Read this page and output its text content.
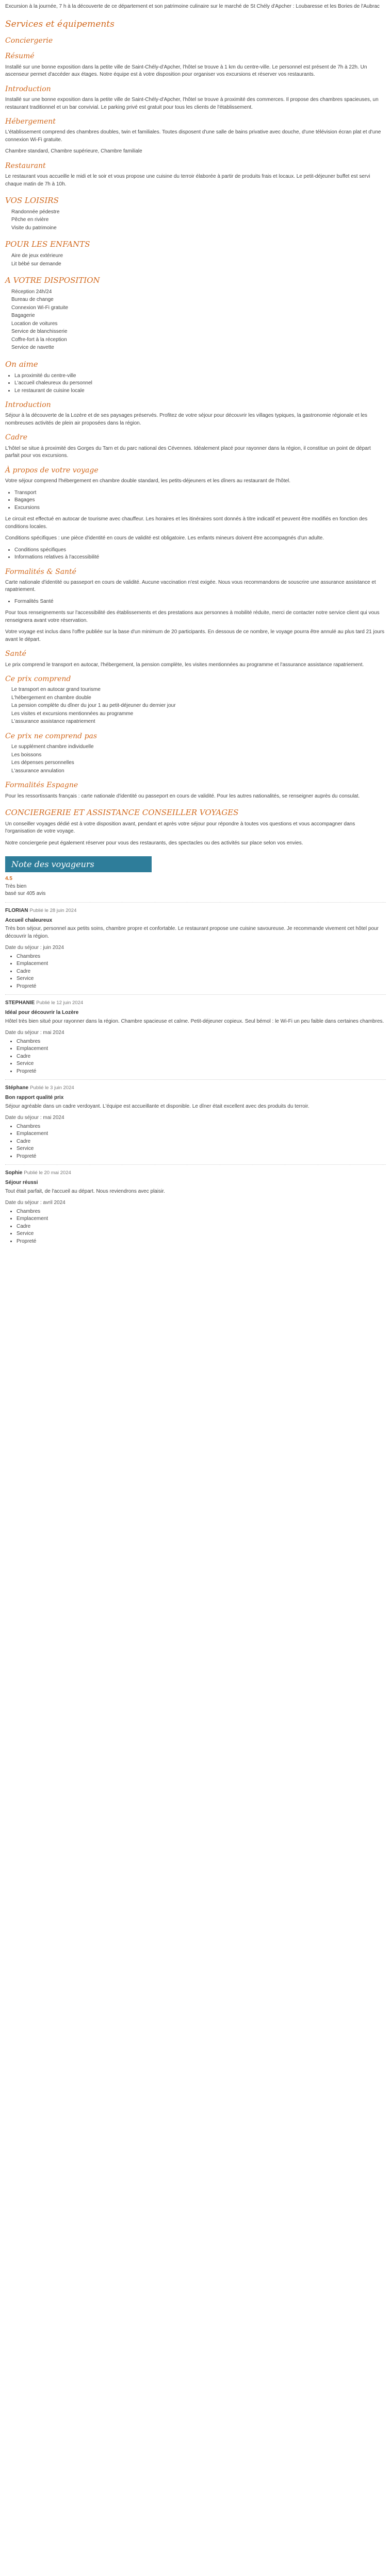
Excursion à la journée, 7 h à la découverte de ce département et son patrimoine culinaire sur le marché de St Chély d'Apcher : Loubaresse et les Bories de l'Aubrac

Services et équipements
Conciergerie
Résumé

Installé sur une bonne exposition dans la petite ville de Saint-Chély-d'Apcher, l'hôtel se trouve à 1 km du centre-ville. Le personnel est présent de 7h à 22h. Un ascenseur permet d'accéder aux étages. Notre équipe est à votre disposition pour organiser vos excursions et réserver vos restaurants.

Introduction

Installé sur une bonne exposition dans la petite ville de Saint-Chély-d'Apcher, l'hôtel se trouve à proximité des commerces. Il propose des chambres spacieuses, un restaurant traditionnel et un bar convivial. Le parking privé est gratuit pour tous les clients de l'établissement.

Hébergement

L'établissement comprend des chambres doubles, twin et familiales. Toutes disposent d'une salle de bains privative avec douche, d'une télévision écran plat et d'une connexion Wi-Fi gratuite.

Chambre standard, Chambre supérieure, Chambre familiale

Restaurant

Le restaurant vous accueille le midi et le soir et vous propose une cuisine du terroir élaborée à partir de produits frais et locaux. Le petit-déjeuner buffet est servi chaque matin de 7h à 10h.

VOS LOISIRS
Randonnée pédestre
Pêche en rivière
Visite du patrimoine
POUR LES ENFANTS
Aire de jeux extérieure
Lit bébé sur demande
A VOTRE DISPOSITION
Réception 24h/24
Bureau de change
Connexion Wi-Fi gratuite
Bagagerie
Location de voitures
Service de blanchisserie
Coffre-fort à la réception
Service de navette
On aime
• La proximité du centre-ville
• L'accueil chaleureux du personnel
• Le restaurant de cuisine locale
Introduction

Séjour à la découverte de la Lozère et de ses paysages préservés. Profitez de votre séjour pour découvrir les villages typiques, la gastronomie régionale et les nombreuses activités de plein air proposées dans la région.

Cadre

L'hôtel se situe à proximité des Gorges du Tarn et du parc national des Cévennes. Idéalement placé pour rayonner dans la région, il constitue un point de départ parfait pour vos excursions.

À propos de votre voyage

Votre séjour comprend l'hébergement en chambre double standard, les petits-déjeuners et les dîners au restaurant de l'hôtel.

• Transport
• Bagages
• Excursions

Le circuit est effectué en autocar de tourisme avec chauffeur. Les horaires et les itinéraires sont donnés à titre indicatif et peuvent être modifiés en fonction des conditions locales.

Conditions spécifiques : une pièce d'identité en cours de validité est obligatoire. Les enfants mineurs doivent être accompagnés d'un adulte.

• Conditions spécifiques
• Informations relatives à l'accessibilité
Formalités & Santé

Carte nationale d'identité ou passeport en cours de validité. Aucune vaccination n'est exigée. Nous vous recommandons de souscrire une assurance assistance et rapatriement.

• Formalités Santé

Pour tous renseignements sur l'accessibilité des établissements et des prestations aux personnes à mobilité réduite, merci de contacter notre service client qui vous renseignera avant votre réservation.

Votre voyage est inclus dans l'offre publiée sur la base d'un minimum de 20 participants. En dessous de ce nombre, le voyage pourra être annulé au plus tard 21 jours avant le départ.

Santé

Le prix comprend le transport en autocar, l'hébergement, la pension complète, les visites mentionnées au programme et l'assurance assistance rapatriement.

Ce prix comprend
Le transport en autocar grand tourisme
L'hébergement en chambre double
La pension complète du dîner du jour 1 au petit-déjeuner du dernier jour
Les visites et excursions mentionnées au programme
L'assurance assistance rapatriement
Ce prix ne comprend pas
Le supplément chambre individuelle
Les boissons
Les dépenses personnelles
L'assurance annulation
Formalités Espagne

Pour les ressortissants français : carte nationale d'identité ou passeport en cours de validité. Pour les autres nationalités, se renseigner auprès du consulat.

CONCIERGERIE ET ASSISTANCE CONSEILLER VOYAGES

Un conseiller voyages dédié est à votre disposition avant, pendant et après votre séjour pour répondre à toutes vos questions et vous accompagner dans l'organisation de votre voyage.

Notre conciergerie peut également réserver pour vous des restaurants, des spectacles ou des activités sur place selon vos envies.

Note des voyageurs
4.5
Très bien
basé sur 405 avis
FLORIAN Publié le 28 juin 2024
Accueil chaleureux

Très bon séjour, personnel aux petits soins, chambre propre et confortable. Le restaurant propose une cuisine savoureuse. Je recommande vivement cet hôtel pour découvrir la région.

Date du séjour : juin 2024
• Chambres
• Emplacement
• Cadre
• Service
• Propreté
STEPHANIE Publié le 12 juin 2024
Idéal pour découvrir la Lozère

Hôtel très bien situé pour rayonner dans la région. Chambre spacieuse et calme. Petit-déjeuner copieux. Seul bémol : le Wi-Fi un peu faible dans certaines chambres.

Date du séjour : mai 2024
• Chambres
• Emplacement
• Cadre
• Service
• Propreté
Stéphane Publié le 3 juin 2024
Bon rapport qualité prix

Séjour agréable dans un cadre verdoyant. L'équipe est accueillante et disponible. Le dîner était excellent avec des produits du terroir.

Date du séjour : mai 2024
• Chambres
• Emplacement
• Cadre
• Service
• Propreté
Sophie Publié le 20 mai 2024
Séjour réussi

Tout était parfait, de l'accueil au départ. Nous reviendrons avec plaisir.

Date du séjour : avril 2024
• Chambres
• Emplacement
• Cadre
• Service
• Propreté
